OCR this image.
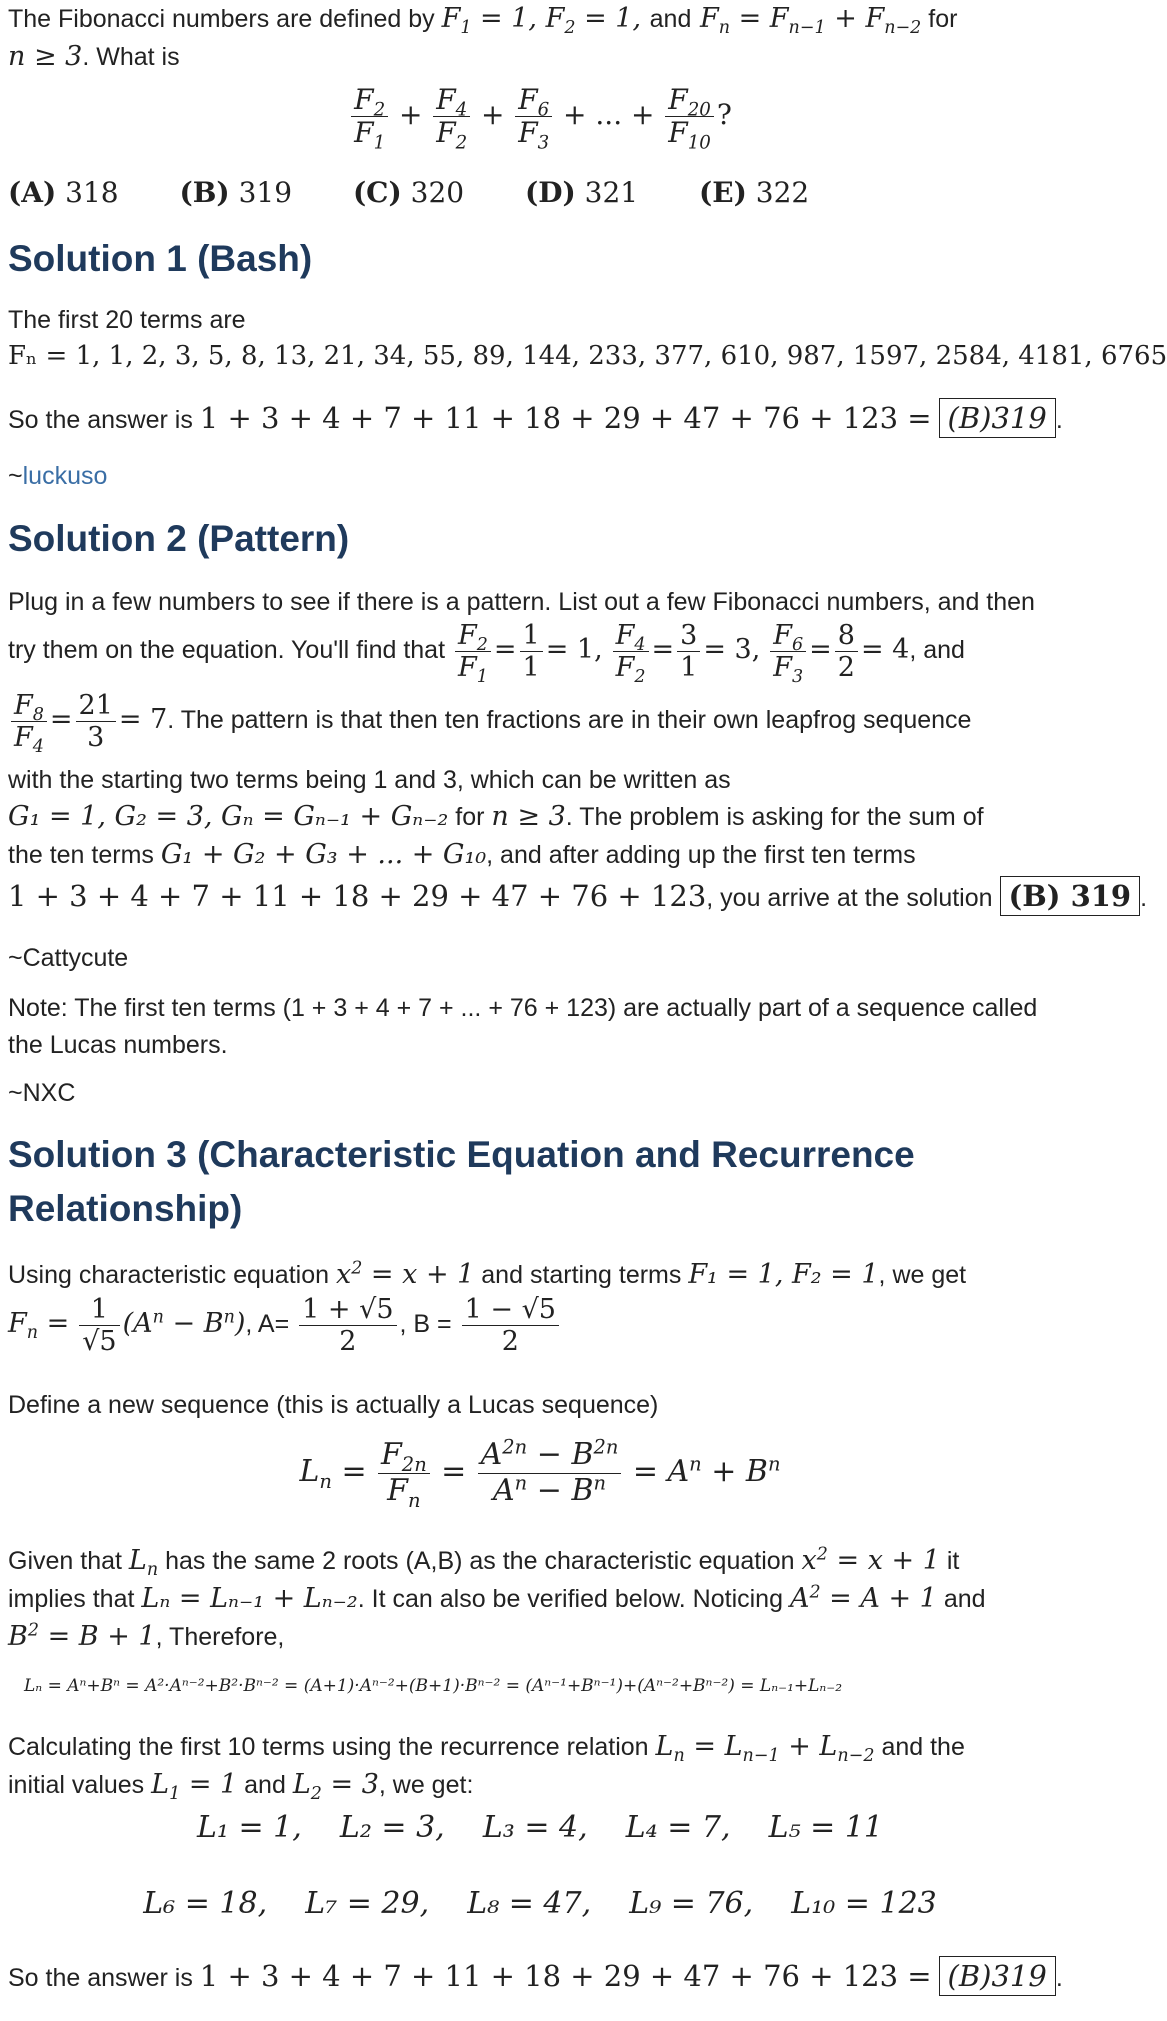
The Fibonacci numbers are defined by $F_1 = 1$, $F_2 = 1$, and $F_n = F_{n-1} + F_{n-2}$ for

n ≥ 3. What is

$\frac{F_2}{F_1} + \frac{F_4}{F_2} + \frac{F_6}{F_3}$ + ... + $\frac{F_{20}}{F_{10}}$ ?
(A) 318 (B) 319 (C) 320 (D) 321 (E) 322
Solution 1 (Bash)

The first 20 terms are

Fₙ = 1, 1, 2, 3, 5, 8, 13, 21, 34, 55, 89, 144, 233, 377, 610, 987, 1597, 2584, 4181, 6765

So the answer is 1 + 3 + 4 + 7 + 11 + 18 + 29 + 47 + 76 + 123 = (B)319 .

~luckuso

Solution 2 (Pattern)

Plug in a few numbers to see if there is a pattern. List out a few Fibonacci numbers, and then

try them on the equation. You'll find that $\frac{F_2}{F_1} = \frac{1}{1} = 1$, $\frac{F_4}{F_2} = \frac{3}{1} = 3$, $\frac{F_6}{F_3} = \frac{8}{2} = 4$, and

$\frac{F_8}{F_4} = \frac{21}{3} = 7$. The pattern is that then ten fractions are in their own leapfrog sequence

with the starting two terms being 1 and 3, which can be written as

G₁ = 1, G₂ = 3, Gₙ = Gₙ₋₁ + Gₙ₋₂ for n ≥ 3. The problem is asking for the sum of

the ten terms G₁ + G₂ + G₃ + ... + G₁₀, and after adding up the first ten terms

1 + 3 + 4 + 7 + 11 + 18 + 29 + 47 + 76 + 123, you arrive at the solution (B) 319 .

~Cattycute

Note: The first ten terms (1 + 3 + 4 + 7 + ... + 76 + 123) are actually part of a sequence called the Lucas numbers.

~NXC

Solution 3 (Characteristic Equation and Recurrence
Relationship)

Using characteristic equation $x^2 = x + 1$ and starting terms F₁ = 1, F₂ = 1, we get

$F_n = \frac{1}{√5} (A^n - B^n)$, $A= \frac{1 + √5}{2}$ , $B = \frac{1 - √5}{2}$

Define a new sequence (this is actually a Lucas sequence)

$L_n = \frac{F_{2n}}{F_n} = \frac{A^{2n} - B^{2n}}{A^n - B^n} = A^n + B^n$

Given that $L_n$ has the same 2 roots (A,B) as the characteristic equation $x^2 = x + 1$ it

implies that Lₙ = Lₙ₋₁ + Lₙ₋₂. It can also be verified below. Noticing $A^2 = A + 1$ and

$B^2 = B + 1$, Therefore,

Lₙ = Aⁿ+Bⁿ = A²·Aⁿ⁻²+B²·Bⁿ⁻² = (A+1)·Aⁿ⁻²+(B+1)·Bⁿ⁻² = (Aⁿ⁻¹+Bⁿ⁻¹)+(Aⁿ⁻²+Bⁿ⁻²) = Lₙ₋₁+Lₙ₋₂

Calculating the first 10 terms using the recurrence relation $L_n = L_{n-1} + L_{n-2}$ and the

initial values $L_1 = 1$ and $L_2 = 3$, we get:

L₁ = 1,    L₂ = 3,    L₃ = 4,    L₄ = 7,    L₅ = 11
L₆ = 18,    L₇ = 29,    L₈ = 47,    L₉ = 76,    L₁₀ = 123

So the answer is 1 + 3 + 4 + 7 + 11 + 18 + 29 + 47 + 76 + 123 = (B)319 .
